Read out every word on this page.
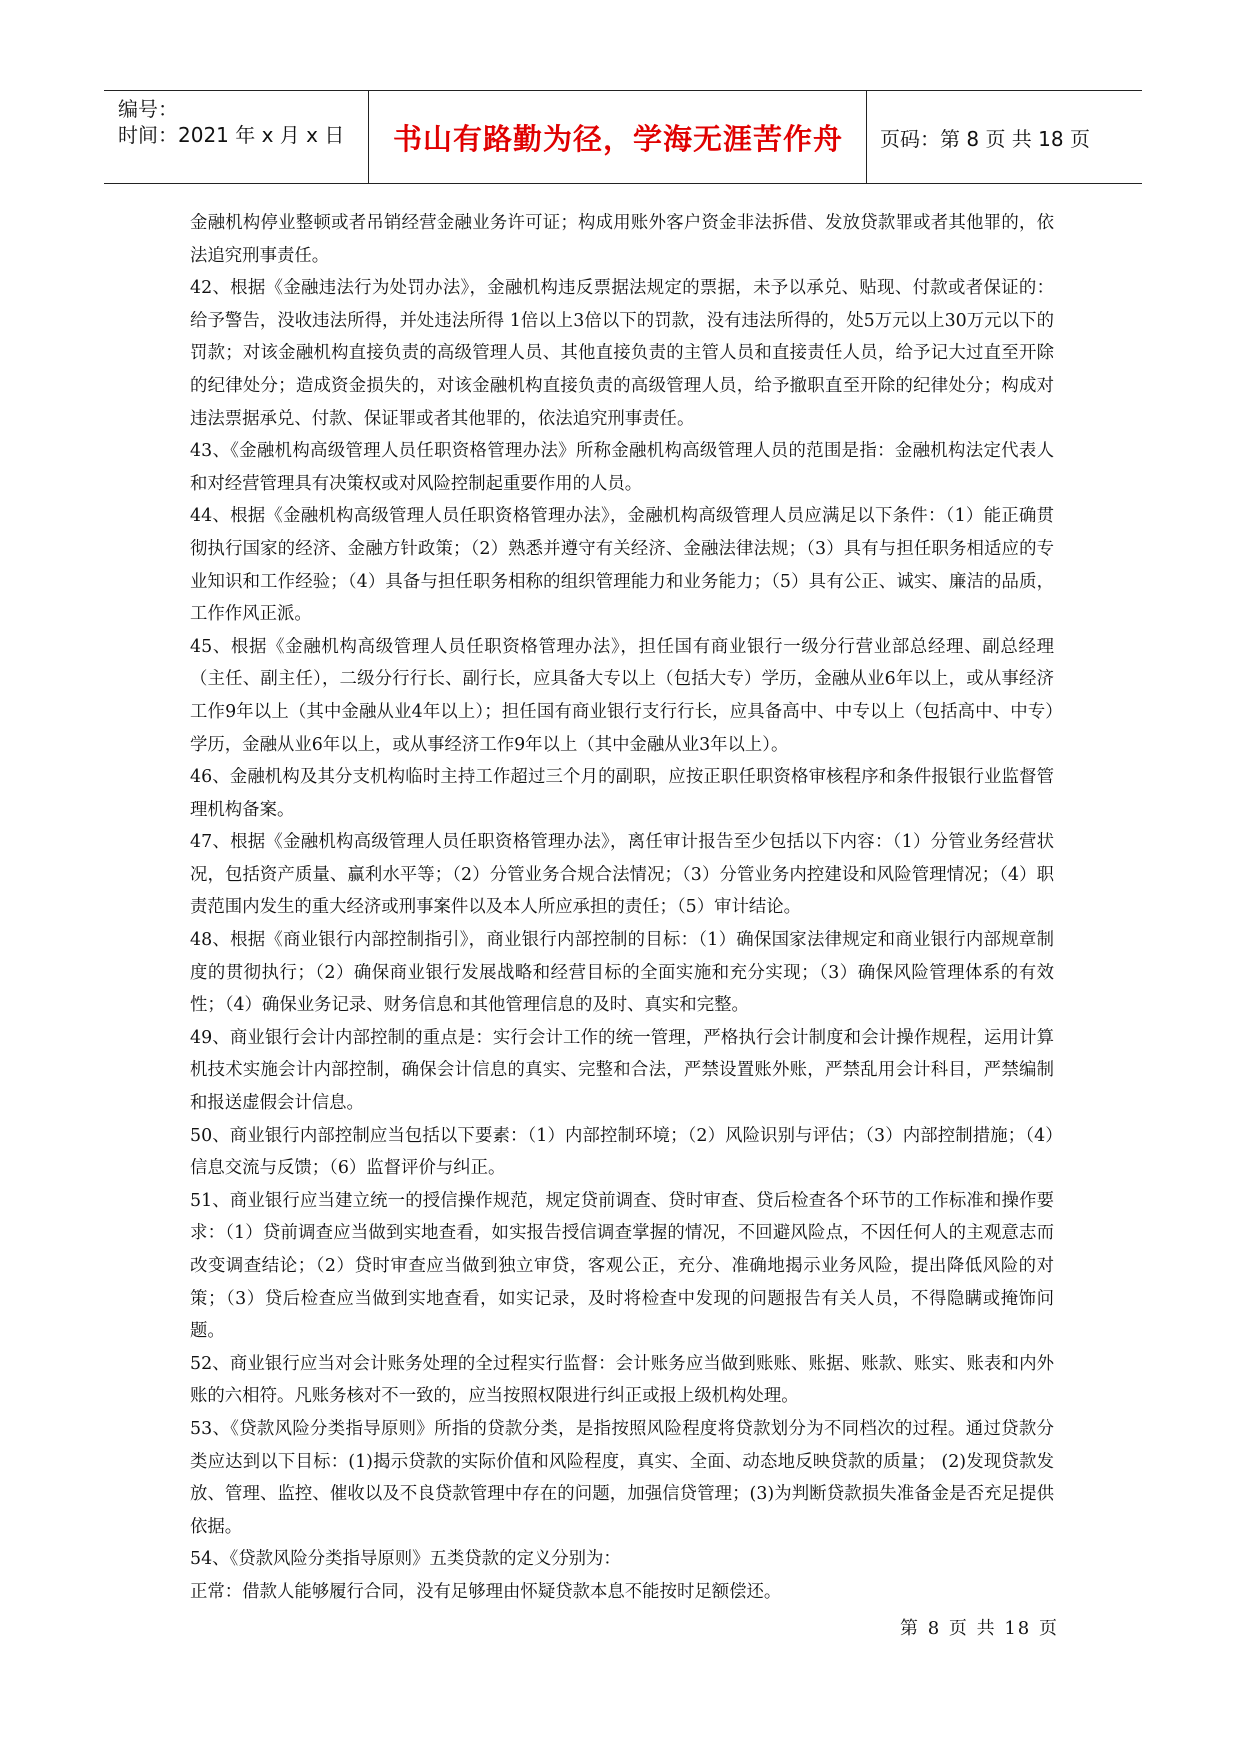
编号：
时间：2021 年 x 月 x 日 书山有路勤为径，学海无涯苦作舟	页码：第 8 页 共 18 页

金融机构停业整顿或者吊销经营金融业务许可证；构成用账外客户资金非法拆借、发放贷款罪或者其他罪的，依法追究刑事责任。

42、根据《金融违法行为处罚办法》，金融机构违反票据法规定的票据，未予以承兑、贴现、付款或者保证的：给予警告，没收违法所得，并处违法所得 1倍以上3倍以下的罚款，没有违法所得的，处5万元以上30万元以下的罚款；对该金融机构直接负责的高级管理人员、其他直接负责的主管人员和直接责任人员，给予记大过直至开除的纪律处分；造成资金损失的，对该金融机构直接负责的高级管理人员，给予撤职直至开除的纪律处分；构成对违法票据承兑、付款、保证罪或者其他罪的，依法追究刑事责任。

43、《金融机构高级管理人员任职资格管理办法》所称金融机构高级管理人员的范围是指：金融机构法定代表人和对经营管理具有决策权或对风险控制起重要作用的人员。

44、根据《金融机构高级管理人员任职资格管理办法》，金融机构高级管理人员应满足以下条件：（1）能正确贯彻执行国家的经济、金融方针政策；（2）熟悉并遵守有关经济、金融法律法规；（3）具有与担任职务相适应的专业知识和工作经验；（4）具备与担任职务相称的组织管理能力和业务能力；（5）具有公正、诚实、廉洁的品质，工作作风正派。

45、根据《金融机构高级管理人员任职资格管理办法》，担任国有商业银行一级分行营业部总经理、副总经理（主任、副主任），二级分行行长、副行长，应具备大专以上（包括大专）学历，金融从业6年以上，或从事经济工作9年以上（其中金融从业4年以上）；担任国有商业银行支行行长，应具备高中、中专以上（包括高中、中专）学历，金融从业6年以上，或从事经济工作9年以上（其中金融从业3年以上）。

46、金融机构及其分支机构临时主持工作超过三个月的副职，应按正职任职资格审核程序和条件报银行业监督管理机构备案。

47、根据《金融机构高级管理人员任职资格管理办法》，离任审计报告至少包括以下内容：（1）分管业务经营状况，包括资产质量、赢利水平等；（2）分管业务合规合法情况；（3）分管业务内控建设和风险管理情况；（4）职责范围内发生的重大经济或刑事案件以及本人所应承担的责任；（5）审计结论。

48、根据《商业银行内部控制指引》，商业银行内部控制的目标：（1）确保国家法律规定和商业银行内部规章制度的贯彻执行；（2）确保商业银行发展战略和经营目标的全面实施和充分实现；（3）确保风险管理体系的有效性；（4）确保业务记录、财务信息和其他管理信息的及时、真实和完整。

49、商业银行会计内部控制的重点是：实行会计工作的统一管理，严格执行会计制度和会计操作规程，运用计算机技术实施会计内部控制，确保会计信息的真实、完整和合法，严禁设置账外账，严禁乱用会计科目，严禁编制和报送虚假会计信息。

50、商业银行内部控制应当包括以下要素：（1）内部控制环境；（2）风险识别与评估；（3）内部控制措施；（4）信息交流与反馈；（6）监督评价与纠正。

51、商业银行应当建立统一的授信操作规范，规定贷前调查、贷时审查、贷后检查各个环节的工作标准和操作要求：（1）贷前调查应当做到实地查看，如实报告授信调查掌握的情况，不回避风险点，不因任何人的主观意志而改变调查结论；（2）贷时审查应当做到独立审贷，客观公正，充分、准确地揭示业务风险，提出降低风险的对策；（3）贷后检查应当做到实地查看，如实记录，及时将检查中发现的问题报告有关人员，不得隐瞒或掩饰问题。

52、商业银行应当对会计账务处理的全过程实行监督：会计账务应当做到账账、账据、账款、账实、账表和内外账的六相符。凡账务核对不一致的，应当按照权限进行纠正或报上级机构处理。

53、《贷款风险分类指导原则》所指的贷款分类，是指按照风险程度将贷款划分为不同档次的过程。通过贷款分类应达到以下目标：(1)揭示贷款的实际价值和风险程度，真实、全面、动态地反映贷款的质量； (2)发现贷款发放、管理、监控、催收以及不良贷款管理中存在的问题，加强信贷管理；(3)为判断贷款损失准备金是否充足提供依据。

54、《贷款风险分类指导原则》五类贷款的定义分别为：

正常：借款人能够履行合同，没有足够理由怀疑贷款本息不能按时足额偿还。

第 8 页 共 18 页
